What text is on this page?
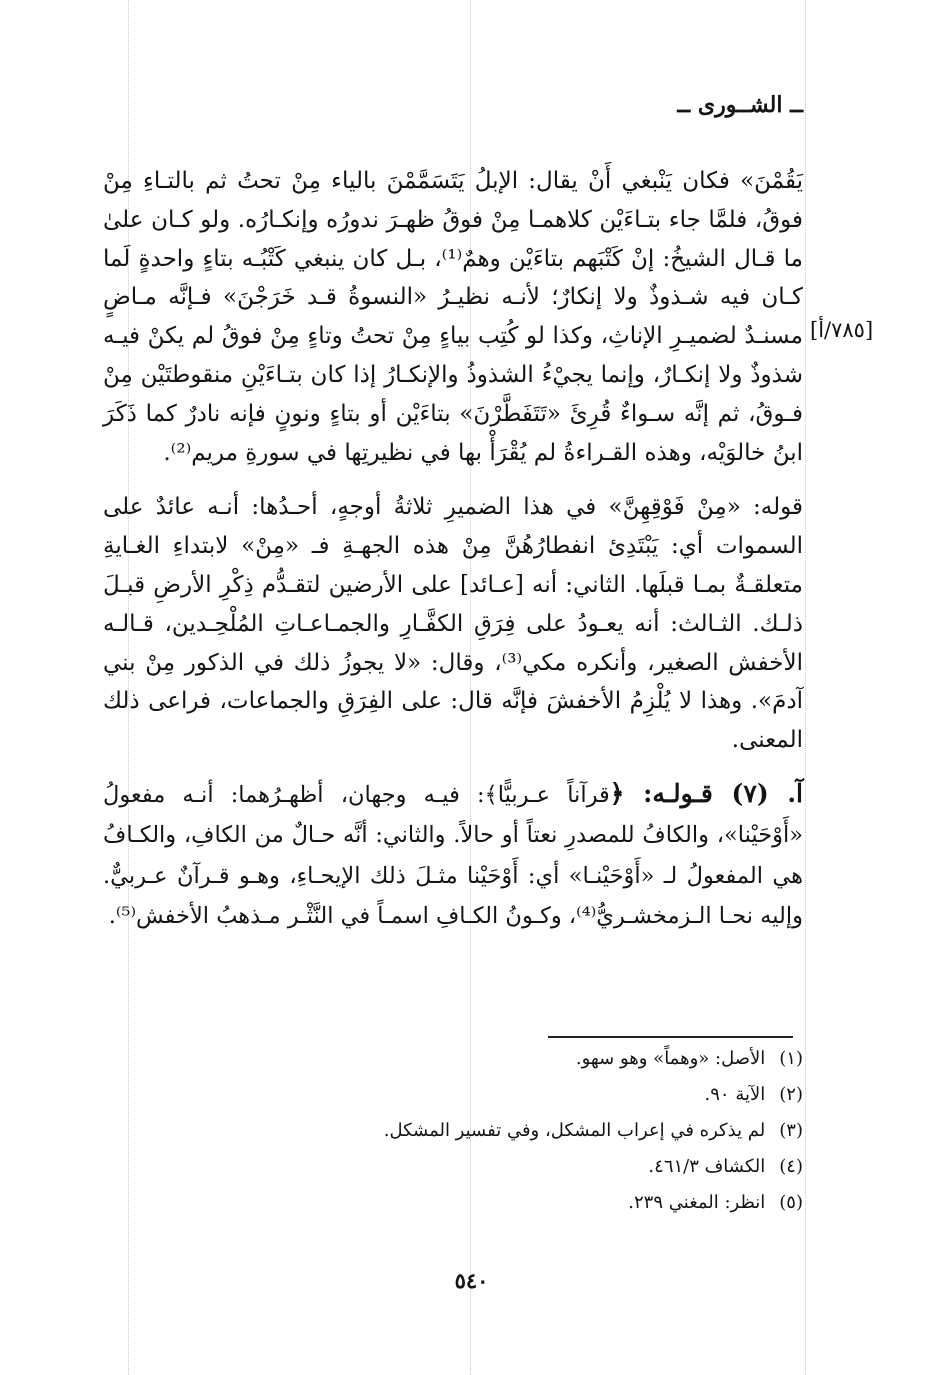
ــ الشــوری ــ
[٧٨٥/أ]

يَقُمْنَ» فكان يَنْبغي أَنْ يقال: الإبلُ يَتَسَمَّمْنَ بالياء مِنْ تحتُ ثم بالتـاءِ مِنْ فوقُ، فلمَّا جاء بتـاءَيْن كلاهمـا مِنْ فوقُ ظهـرَ ندورُه وإنكـارُه. ولو كـان علىٰ ما قـال الشيخُ: إنْ كَتْبَهم بتاءَيْن وهمٌ⁽¹⁾، بـل كان ينبغي كَتْبُـه بتاءٍ واحدةٍ لَما كـان فيه شـذوذٌ ولا إنكارٌ؛ لأنـه نظيـرُ «النسوةُ قـد خَرَجْنَ» فـإنَّه مـاضٍ مسنـدٌ لضميـرِ الإناثِ، وكذا لو كُتِب بياءٍ مِنْ تحتُ وتاءٍ مِنْ فوقُ لم يكنْ فيـه شذوذٌ ولا إنكـارٌ، وإنما يجيْءُ الشذوذُ والإنكـارُ إذا كان بتـاءَيْنِ منقوطتَيْن مِنْ فـوقُ، ثم إنَّه سـواءٌ قُرِئَ «تَتَفَطَّرْنَ» بتاءَيْن أو بتاءٍ ونونٍ فإنه نادرٌ كما ذَكَرَ ابنُ خالوَيْه، وهذه القـراءةُ لم يُقْرَأْ بها في نظيرتِها في سورةِ مريم⁽²⁾.

قوله: «مِنْ فَوْقِهِنَّ» في هذا الضميرِ ثلاثةُ أوجهٍ، أحـدُها: أنـه عائدٌ على السموات أي: يَبْتَدِئ انفطارُهُنَّ مِنْ هذه الجهـةِ فـ «مِنْ» لابتداءِ الغـايةِ متعلقـةٌ بمـا قبلَها. الثاني: أنه [عـائد] على الأرضين لتقـدُّم ذِكْرِ الأرضِ قبـلَ ذلـك. الثـالث: أنه يعـودُ على فِرَقِ الكفَّـارِ والجمـاعـاتِ المُلْحِـدين، قـالـه الأخفش الصغير، وأنكره مكي⁽³⁾، وقال: «لا يجوزُ ذلك في الذكور مِنْ بني آدمَ». وهذا لا يُلْزِمُ الأخفشَ فإنَّه قال: على الفِرَقِ والجماعات، فراعى ذلك المعنى.

آ. (٧) قـولـه: ﴿قرآناً عـربيًّا﴾: فيـه وجهان، أظهـرُهما: أنـه مفعولُ «أَوْحَيْنا»، والكافُ للمصدرِ نعتاً أو حالاً. والثاني: أنَّه حـالٌ من الكافِ، والكـافُ هي المفعولُ لـ «أَوْحَيْنـا» أي: أَوْحَيْنا مثـلَ ذلك الإيحـاءِ، وهـو قـرآنٌ عـربيٌّ. وإليه نحـا الـزمخشـريُّ⁽⁴⁾، وكـونُ الكـافِ اسمـاً في النَّثْـر مـذهبُ الأخفش⁽⁵⁾.

(١)الأصل: «وهماً» وهو سهو.
(٢)الآية ٩٠.
(٣)لم يذكره في إعراب المشكل، وفي تفسير المشكل.
(٤)الكشاف ٤٦١/٣.
(٥)انظر: المغني ٢٣٩.
٥٤٠
